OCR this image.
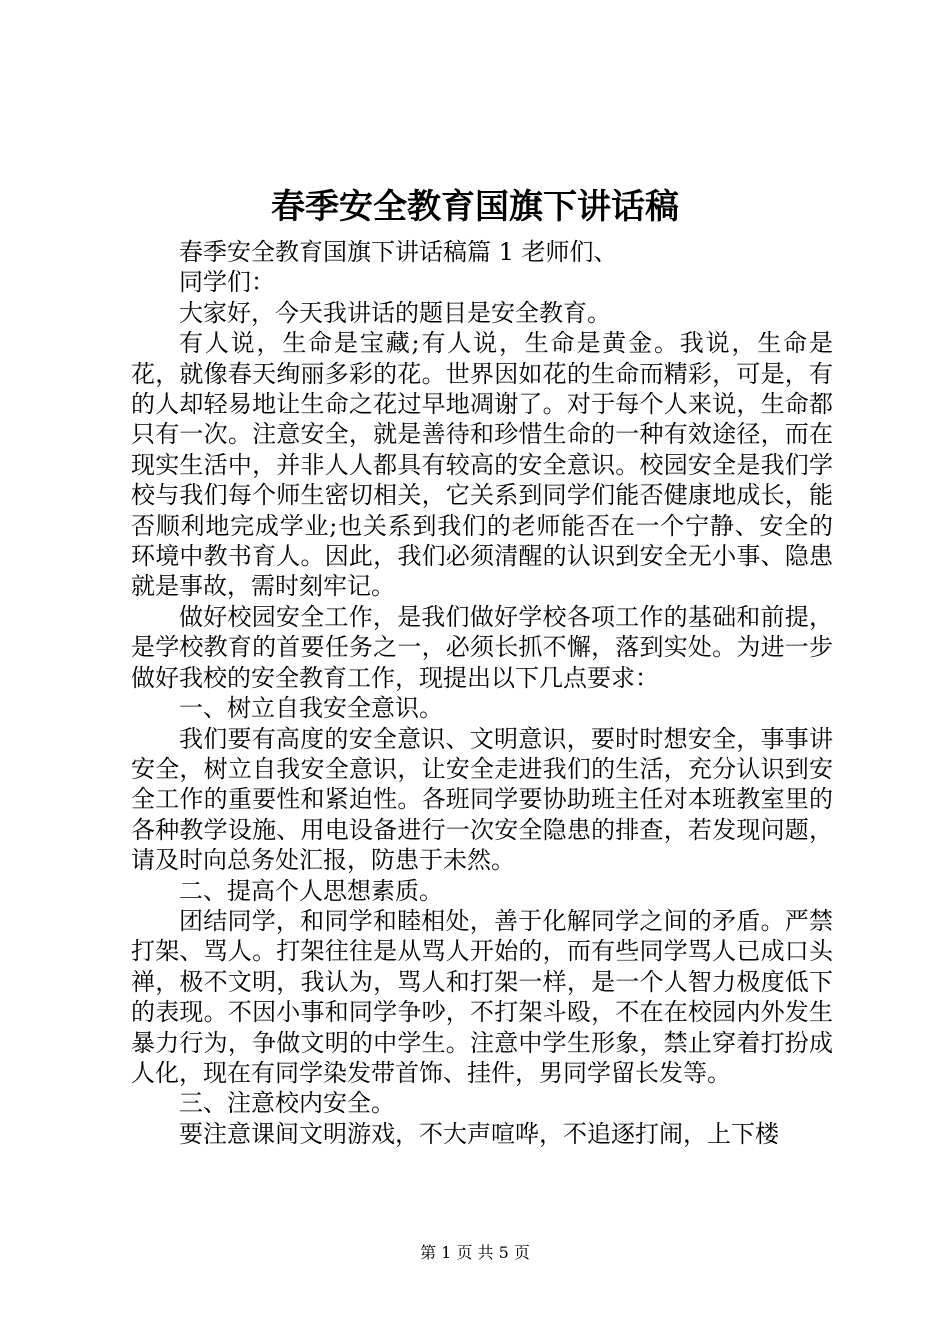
春季安全教育国旗下讲话稿

春季安全教育国旗下讲话稿篇 1 老师们、

同学们：

大家好，今天我讲话的题目是安全教育。

有人说，生命是宝藏;有人说，生命是黄金。我说，生命是花，就像春天绚丽多彩的花。世界因如花的生命而精彩，可是，有的人却轻易地让生命之花过早地凋谢了。对于每个人来说，生命都只有一次。注意安全，就是善待和珍惜生命的一种有效途径，而在现实生活中，并非人人都具有较高的安全意识。校园安全是我们学校与我们每个师生密切相关，它关系到同学们能否健康地成长，能否顺利地完成学业;也关系到我们的老师能否在一个宁静、安全的环境中教书育人。因此，我们必须清醒的认识到安全无小事、隐患就是事故，需时刻牢记。

做好校园安全工作，是我们做好学校各项工作的基础和前提，是学校教育的首要任务之一，必须长抓不懈，落到实处。为进一步做好我校的安全教育工作，现提出以下几点要求：

一、树立自我安全意识。

我们要有高度的安全意识、文明意识，要时时想安全，事事讲安全，树立自我安全意识，让安全走进我们的生活，充分认识到安全工作的重要性和紧迫性。各班同学要协助班主任对本班教室里的各种教学设施、用电设备进行一次安全隐患的排查，若发现问题，请及时向总务处汇报，防患于未然。

二、提高个人思想素质。

团结同学，和同学和睦相处，善于化解同学之间的矛盾。严禁打架、骂人。打架往往是从骂人开始的，而有些同学骂人已成口头禅，极不文明，我认为，骂人和打架一样，是一个人智力极度低下的表现。不因小事和同学争吵，不打架斗殴，不在在校园内外发生暴力行为，争做文明的中学生。注意中学生形象，禁止穿着打扮成人化，现在有同学染发带首饰、挂件，男同学留长发等。

三、注意校内安全。

要注意课间文明游戏，不大声喧哗，不追逐打闹，上下楼

第 1 页 共 5 页
